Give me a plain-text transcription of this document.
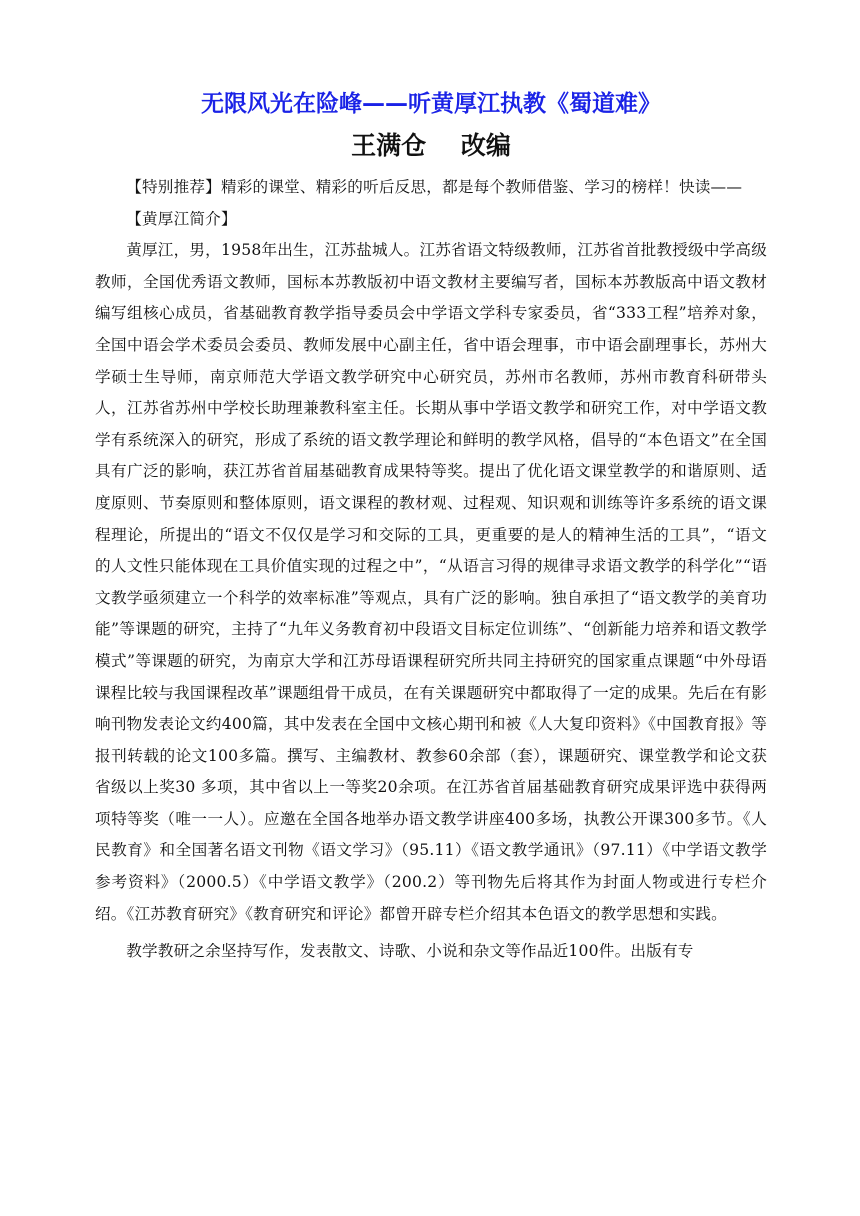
无限风光在险峰——听黄厚江执教《蜀道难》
王满仓    改编

【特别推荐】精彩的课堂、精彩的听后反思，都是每个教师借鉴、学习的榜样！快读——

【黄厚江简介】

黄厚江，男，1958年出生，江苏盐城人。江苏省语文特级教师，江苏省首批教授级中学高级教师，全国优秀语文教师，国标本苏教版初中语文教材主要编写者，国标本苏教版高中语文教材编写组核心成员，省基础教育教学指导委员会中学语文学科专家委员，省“333工程”培养对象，全国中语会学术委员会委员、教师发展中心副主任，省中语会理事，市中语会副理事长，苏州大学硕士生导师，南京师范大学语文教学研究中心研究员，苏州市名教师，苏州市教育科研带头人，江苏省苏州中学校长助理兼教科室主任。长期从事中学语文教学和研究工作，对中学语文教学有系统深入的研究，形成了系统的语文教学理论和鲜明的教学风格，倡导的“本色语文”在全国具有广泛的影响，获江苏省首届基础教育成果特等奖。提出了优化语文课堂教学的和谐原则、适度原则、节奏原则和整体原则，语文课程的教材观、过程观、知识观和训练等许多系统的语文课程理论，所提出的“语文不仅仅是学习和交际的工具，更重要的是人的精神生活的工具”，“语文的人文性只能体现在工具价值实现的过程之中”，“从语言习得的规律寻求语文教学的科学化”“语文教学亟须建立一个科学的效率标准”等观点，具有广泛的影响。独自承担了“语文教学的美育功能”等课题的研究，主持了“九年义务教育初中段语文目标定位训练”、“创新能力培养和语文教学模式”等课题的研究，为南京大学和江苏母语课程研究所共同主持研究的国家重点课题“中外母语课程比较与我国课程改革”课题组骨干成员，在有关课题研究中都取得了一定的成果。先后在有影响刊物发表论文约400篇，其中发表在全国中文核心期刊和被《人大复印资料》《中国教育报》等报刊转载的论文100多篇。撰写、主编教材、教参60余部（套），课题研究、课堂教学和论文获省级以上奖30 多项，其中省以上一等奖20余项。在江苏省首届基础教育研究成果评选中获得两项特等奖（唯一一人）。应邀在全国各地举办语文教学讲座400多场，执教公开课300多节。《人民教育》和全国著名语文刊物《语文学习》（95.11）《语文教学通讯》（97.11）《中学语文教学参考资料》（2000.5）《中学语文教学》（200.2）等刊物先后将其作为封面人物或进行专栏介绍。《江苏教育研究》《教育研究和评论》都曾开辟专栏介绍其本色语文的教学思想和实践。

教学教研之余坚持写作，发表散文、诗歌、小说和杂文等作品近100件。出版有专
